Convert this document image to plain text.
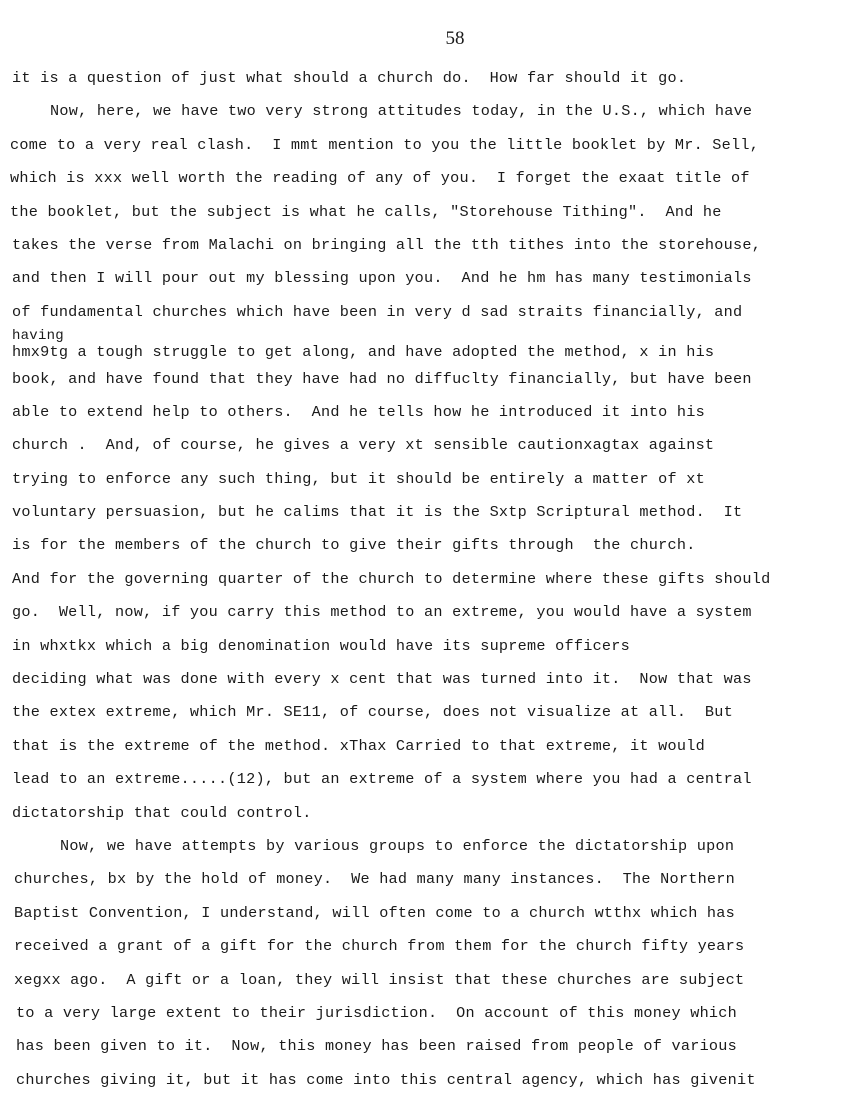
58
it is a question of just what should a church do.  How far should it go.
Now, here, we have two very strong attitudes today, in the U.S., which have
come to a very real clash.  I mmt mention to you the little booklet by Mr. Sell,
which is xxx well worth the reading of any of you.  I forget the exaat title of
the booklet, but the subject is what he calls, "Storehouse Tithing".  And he
takes the verse from Malachi on bringing all the tth tithes into the storehouse,
and then I will pour out my blessing upon you.  And he hm has many testimonials
of fundamental churches which have been in very d sad straits financially, and
having
hmx9tg a tough struggle to get along, and have adopted the method, x in his
book, and have found that they have had no diffuclty financially, but have been
able to extend help to others.  And he tells how he introduced it into his
church .  And, of course, he gives a very xt sensible cautionxagtax against
trying to enforce any such thing, but it should be entirely a matter of xt
voluntary persuasion, but he calims that it is the Sxtp Scriptural method.  It
is for the members of the church to give their gifts through  the church.
And for the governing quarter of the church to determine where these gifts should
go.  Well, now, if you carry this method to an extreme, you would have a system
in whxtkx which a big denomination would have its supreme officers
deciding what was done with every x cent that was turned into it.  Now that was
the extex extreme, which Mr. SE11, of course, does not visualize at all.  But
that is the extreme of the method. xThax Carried to that extreme, it would
lead to an extreme.....(12), but an extreme of a system where you had a central
dictatorship that could control.
Now, we have attempts by various groups to enforce the dictatorship upon
churches, bx by the hold of money.  We had many many instances.  The Northern
Baptist Convention, I understand, will often come to a church wtthx which has
received a grant of a gift for the church from them for the church fifty years
xegxx ago.  A gift or a loan, they will insist that these churches are subject
to a very large extent to their jurisdiction.  On account of this money which
has been given to it.  Now, this money has been raised from people of various
churches giving it, but it has come into this central agency, which has givenit
